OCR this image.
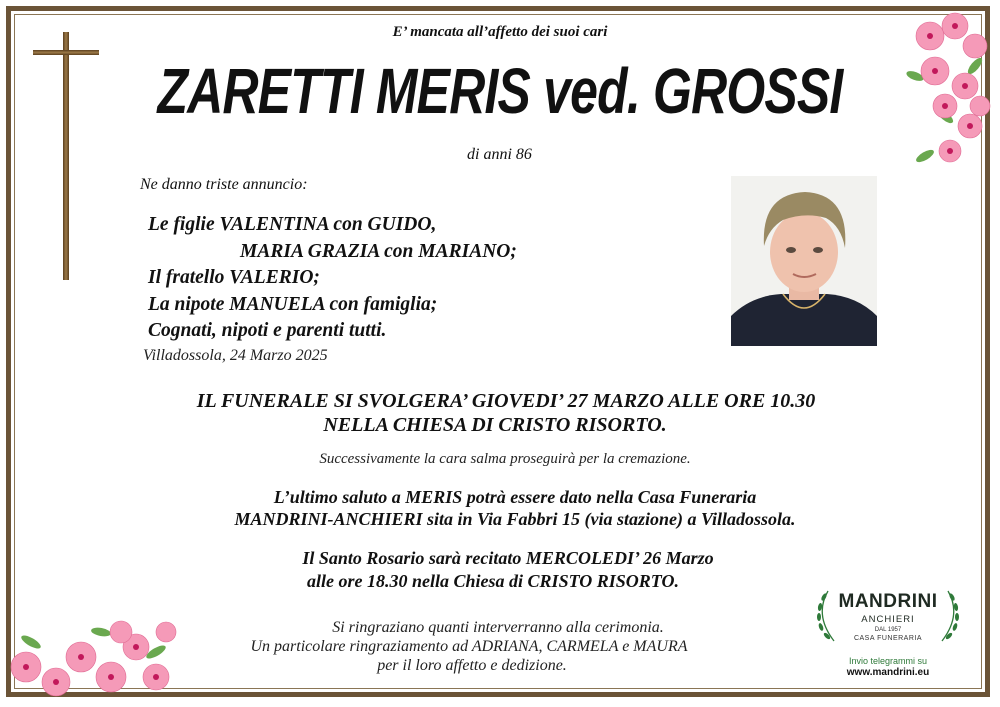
E’ mancata all’affetto dei suoi cari
ZARETTI MERIS ved. GROSSI
di anni 86
Ne danno triste annuncio:
Le figlie VALENTINA con GUIDO,
MARIA GRAZIA con MARIANO;
Il fratello VALERIO;
La nipote MANUELA con famiglia;
Cognati, nipoti e parenti tutti.
Villadossola, 24 Marzo 2025
IL FUNERALE SI SVOLGERA’ GIOVEDI’ 27 MARZO ALLE ORE 10.30
NELLA CHIESA DI CRISTO RISORTO.
Successivamente la cara salma proseguirà per la cremazione.
L’ultimo saluto a MERIS potrà essere dato nella Casa Funeraria
MANDRINI-ANCHIERI sita in Via Fabbri 15 (via stazione) a Villadossola.
Il Santo Rosario sarà recitato MERCOLEDI’ 26 Marzo
alle ore 18.30 nella Chiesa di CRISTO RISORTO.
Si ringraziano quanti interverranno alla cerimonia.
Un particolare ringraziamento ad ADRIANA, CARMELA e MAURA
per il loro affetto e dedizione.
MANDRINI
ANCHIERI
DAL 1957
CASA FUNERARIA
Invio telegrammi su
www.mandrini.eu
